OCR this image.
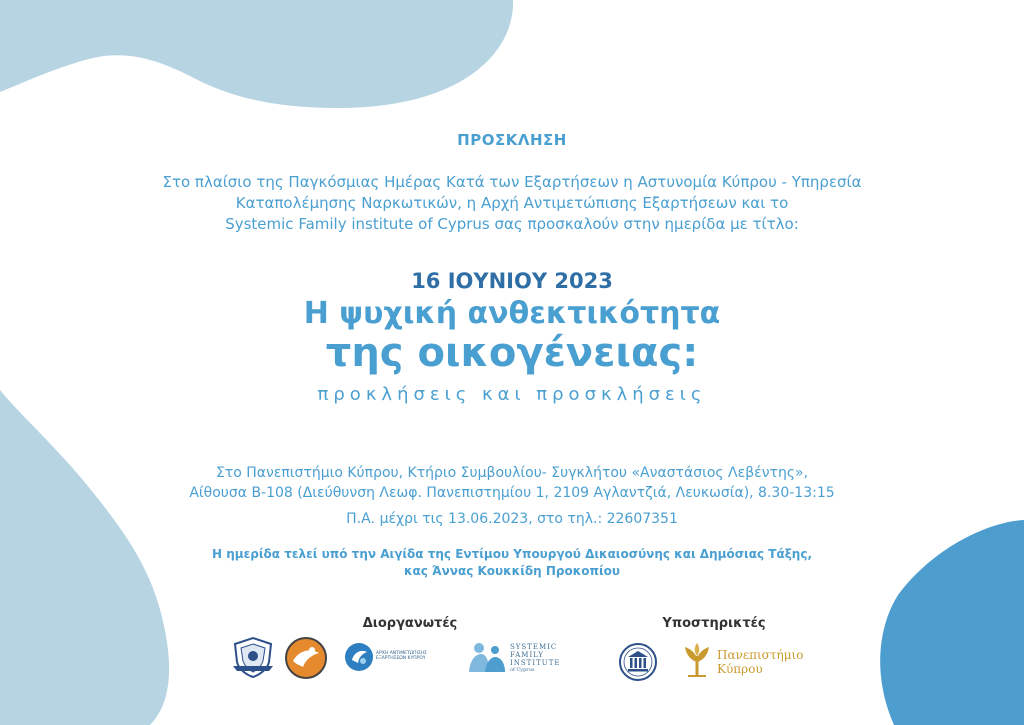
ΠΡΟΣΚΛΗΣΗ
Στο πλαίσιο της Παγκόσμιας Ημέρας Κατά των Εξαρτήσεων η Αστυνομία Κύπρου - Υπηρεσία
Καταπολέμησης Ναρκωτικών, η Αρχή Αντιμετώπισης Εξαρτήσεων και το
Systemic Family institute of Cyprus σας προσκαλούν στην ημερίδα με τίτλο:
16 ΙΟΥΝΙΟΥ 2023
Η ψυχική ανθεκτικότητα
της οικογένειας:
προκλήσεις και προσκλήσεις
Στο Πανεπιστήμιο Κύπρου, Κτήριο Συμβουλίου- Συγκλήτου «Αναστάσιος Λεβέντης»,
Αίθουσα Β-108 (Διεύθυνση Λεωφ. Πανεπιστημίου 1, 2109 Αγλαντζιά, Λευκωσία), 8.30-13:15
Π.Α. μέχρι τις 13.06.2023, στο τηλ.: 22607351
Η ημερίδα τελεί υπό την Αιγίδα της Εντίμου Υπουργού Δικαιοσύνης και Δημόσιας Τάξης,
κας Άννας Κουκκίδη Προκοπίου
Διοργανωτές
ΑΡΧΗ ΑΝΤΙΜΕΤΩΠΙΣΗΣ
ΕΞΑΡΤΗΣΕΩΝ ΚΥΠΡΟΥ
SYSTEMIC
FAMILY
INSTITUTE
of Cyprus
Υποστηρικτές
Πανεπιστήμιο
Κύπρου
